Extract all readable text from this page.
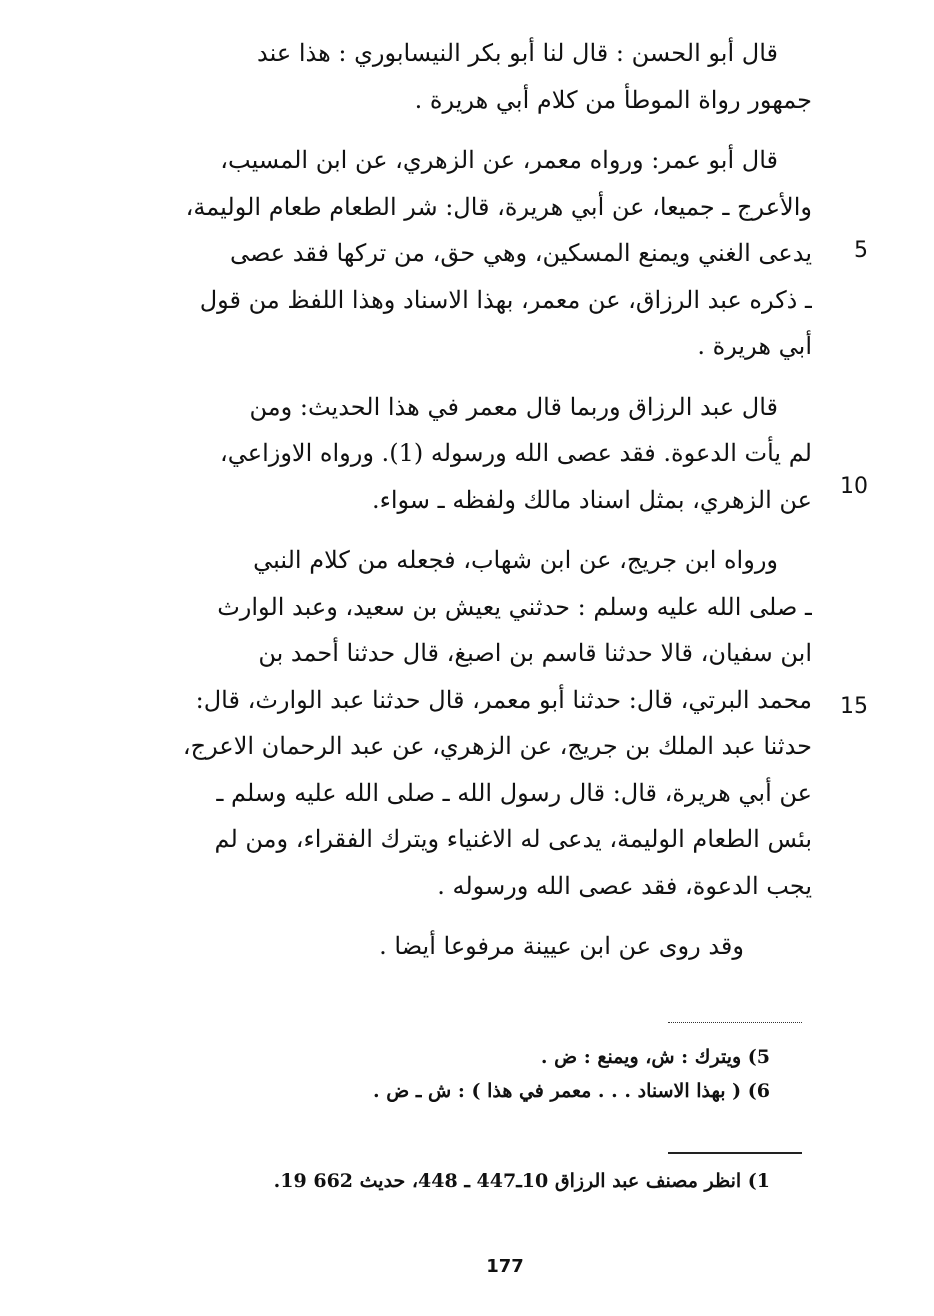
قال أبو الحسن : قال لنا أبو بكر النيسابوري : هذا عند
جمهور رواة الموطأ من كلام أبي هريرة .

قال أبو عمر: ورواه معمر، عن الزهري، عن ابن المسيب،
والأعرج ـ جميعا، عن أبي هريرة، قال: شر الطعام طعام الوليمة،
يدعى الغني ويمنع المسكين، وهي حق، من تركها فقد عصى
ـ ذكره عبد الرزاق، عن معمر، بهذا الاسناد وهذا اللفظ من قول
أبي هريرة .

قال عبد الرزاق وربما قال معمر في هذا الحديث: ومن
لم يأت الدعوة. فقد عصى الله ورسوله (1). ورواه الاوزاعي،
عن الزهري، بمثل اسناد مالك ولفظه ـ سواء.

ورواه ابن جريج، عن ابن شهاب، فجعله من كلام النبي
ـ صلى الله عليه وسلم : حدثني يعيش بن سعيد، وعبد الوارث
ابن سفيان، قالا حدثنا قاسم بن اصبغ، قال حدثنا أحمد بن
محمد البرتي، قال: حدثنا أبو معمر، قال حدثنا عبد الوارث، قال:
حدثنا عبد الملك بن جريج، عن الزهري، عن عبد الرحمان الاعرج،
عن أبي هريرة، قال: قال رسول الله ـ صلى الله عليه وسلم ـ
بئس الطعام الوليمة، يدعى له الاغنياء ويترك الفقراء، ومن لم
يجب الدعوة، فقد عصى الله ورسوله .

وقد روى عن ابن عيينة مرفوعا أيضا .

5
10
15
5) ويترك : ش، ويمنع : ض .
6) ( بهذا الاسناد . . . معمر في هذا ) : ش ـ ض .
1) انظر مصنف عبد الرزاق 10ـ447 ـ 448، حديث 662 19.
177
